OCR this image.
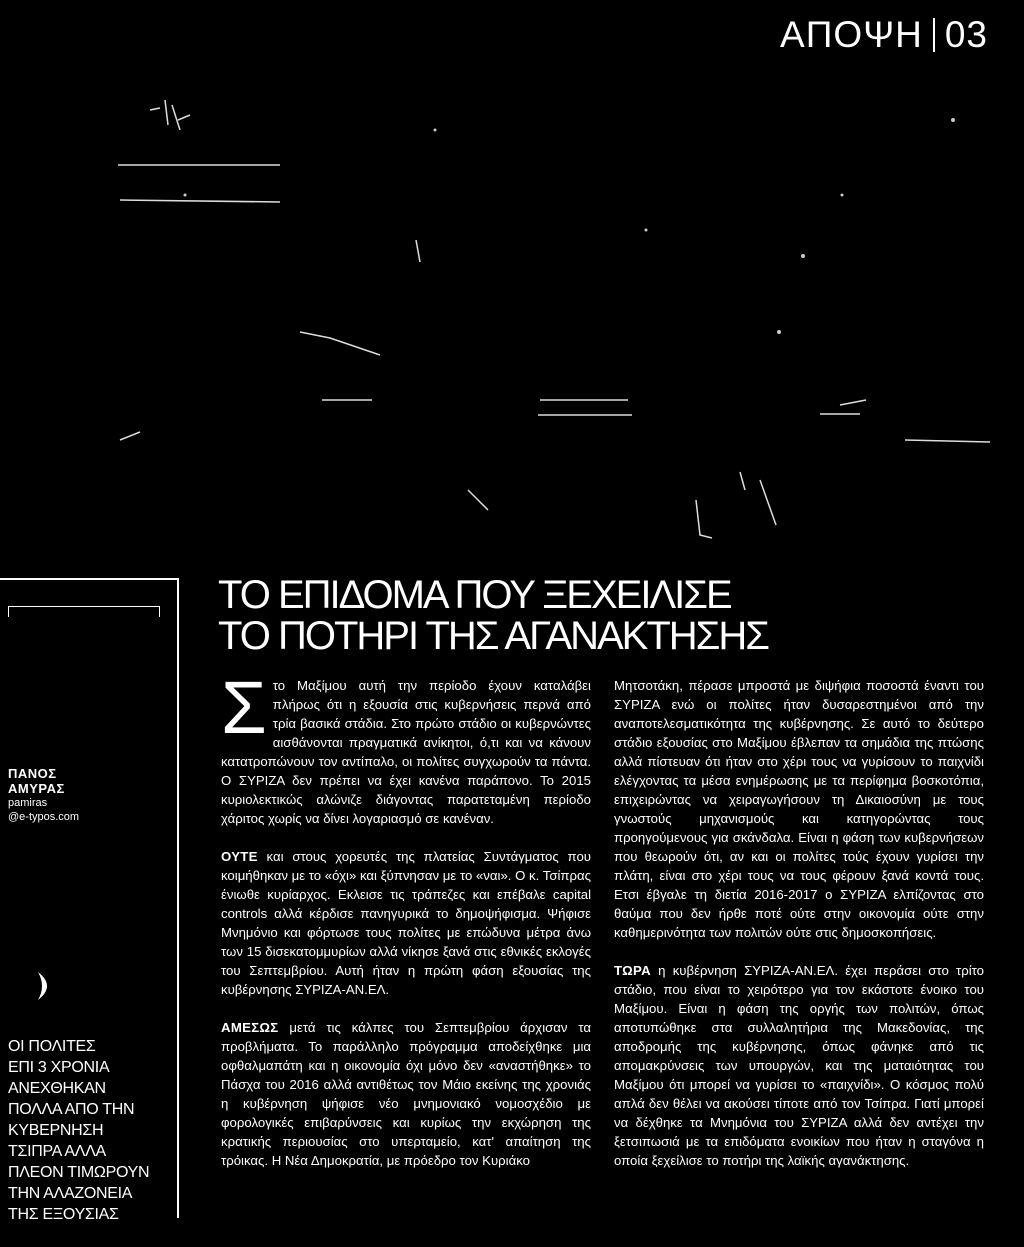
ΑΠΟΨΗ 03
ΠΑΝΟΣ
ΑΜΥΡΑΣ
pamiras
@e-typos.com
ΟΙ ΠΟΛΙΤΕΣ
ΕΠΙ 3 ΧΡΟΝΙΑ
ΑΝΕΧΘΗΚΑΝ
ΠΟΛΛΑ ΑΠΟ ΤΗΝ
ΚΥΒΕΡΝΗΣΗ
ΤΣΙΠΡΑ ΑΛΛΑ
ΠΛΕΟΝ ΤΙΜΩΡΟΥΝ
ΤΗΝ ΑΛΑΖΟΝΕΙΑ
ΤΗΣ ΕΞΟΥΣΙΑΣ
ΤΟ ΕΠΙΔΟΜΑ ΠΟΥ ΞΕΧΕΙΛΙΣΕ
ΤΟ ΠΟΤΗΡΙ ΤΗΣ ΑΓΑΝΑΚΤΗΣΗΣ

Στο Μαξίμου αυτή την περίοδο έχουν καταλάβει πλήρως ότι η εξουσία στις κυβερνήσεις περνά από τρία βασικά στάδια. Στο πρώτο στάδιο οι κυβερνώντες αισθάνονται πραγματικά ανίκητοι, ό,τι και να κάνουν κατατροπώνουν τον αντίπαλο, οι πολίτες συγχωρούν τα πάντα. Ο ΣΥΡΙΖΑ δεν πρέπει να έχει κανένα παράπονο. Το 2015 κυριολεκτικώς αλώνιζε διάγοντας παρατεταμένη περίοδο χάριτος χωρίς να δίνει λογαριασμό σε κανέναν.

ΟΥΤΕ και στους χορευτές της πλατείας Συντάγματος που κοιμήθηκαν με το «όχι» και ξύπνησαν με το «ναι». Ο κ. Τσίπρας ένιωθε κυρίαρχος. Εκλεισε τις τράπεζες και επέβαλε capital controls αλλά κέρδισε πανηγυρικά το δημοψήφισμα. Ψήφισε Μνημόνιο και φόρτωσε τους πολίτες με επώδυνα μέτρα άνω των 15 δισεκατομμυρίων αλλά νίκησε ξανά στις εθνικές εκλογές του Σεπτεμβρίου. Αυτή ήταν η πρώτη φάση εξουσίας της κυβέρνησης ΣΥΡΙΖΑ-ΑΝ.ΕΛ.

ΑΜΕΣΩΣ μετά τις κάλπες του Σεπτεμβρίου άρχισαν τα προβλήματα. Το παράλληλο πρόγραμμα αποδείχθηκε μια οφθαλμαπάτη και η οικονομία όχι μόνο δεν «αναστήθηκε» το Πάσχα του 2016 αλλά αντιθέτως τον Μάιο εκείνης της χρονιάς η κυβέρνηση ψήφισε νέο μνημονιακό νομοσχέδιο με φορολογικές επιβαρύνσεις και κυρίως την εκχώρηση της κρατικής περιουσίας στο υπερταμείο, κατ' απαίτηση της τρόικας. Η Νέα Δημοκρατία, με πρόεδρο τον Κυριάκο

Μητσοτάκη, πέρασε μπροστά με διψήφια ποσοστά έναντι του ΣΥΡΙΖΑ ενώ οι πολίτες ήταν δυσαρεστημένοι από την αναποτελεσματικότητα της κυβέρνησης. Σε αυτό το δεύτερο στάδιο εξουσίας στο Μαξίμου έβλεπαν τα σημάδια της πτώσης αλλά πίστευαν ότι ήταν στο χέρι τους να γυρίσουν το παιχνίδι ελέγχοντας τα μέσα ενημέρωσης με τα περίφημα βοσκοτόπια, επιχειρώντας να χειραγωγήσουν τη Δικαιοσύνη με τους γνωστούς μηχανισμούς και κατηγορώντας τους προηγούμενους για σκάνδαλα. Είναι η φάση των κυβερνήσεων που θεωρούν ότι, αν και οι πολίτες τούς έχουν γυρίσει την πλάτη, είναι στο χέρι τους να τους φέρουν ξανά κοντά τους. Ετσι έβγαλε τη διετία 2016-2017 ο ΣΥΡΙΖΑ ελπίζοντας στο θαύμα που δεν ήρθε ποτέ ούτε στην οικονομία ούτε στην καθημερινότητα των πολιτών ούτε στις δημοσκοπήσεις.

ΤΩΡΑ η κυβέρνηση ΣΥΡΙΖΑ-ΑΝ.ΕΛ. έχει περάσει στο τρίτο στάδιο, που είναι το χειρότερο για τον εκάστοτε ένοικο του Μαξίμου. Είναι η φάση της οργής των πολιτών, όπως αποτυπώθηκε στα συλλαλητήρια της Μακεδονίας, της αποδρομής της κυβέρνησης, όπως φάνηκε από τις απομακρύνσεις των υπουργών, και της ματαιότητας του Μαξίμου ότι μπορεί να γυρίσει το «παιχνίδι». Ο κόσμος πολύ απλά δεν θέλει να ακούσει τίποτε από τον Τσίπρα. Γιατί μπορεί να δέχθηκε τα Μνημόνια του ΣΥΡΙΖΑ αλλά δεν αντέχει την ξετσιπωσιά με τα επιδόματα ενοικίων που ήταν η σταγόνα η οποία ξεχείλισε το ποτήρι της λαϊκής αγανάκτησης.
